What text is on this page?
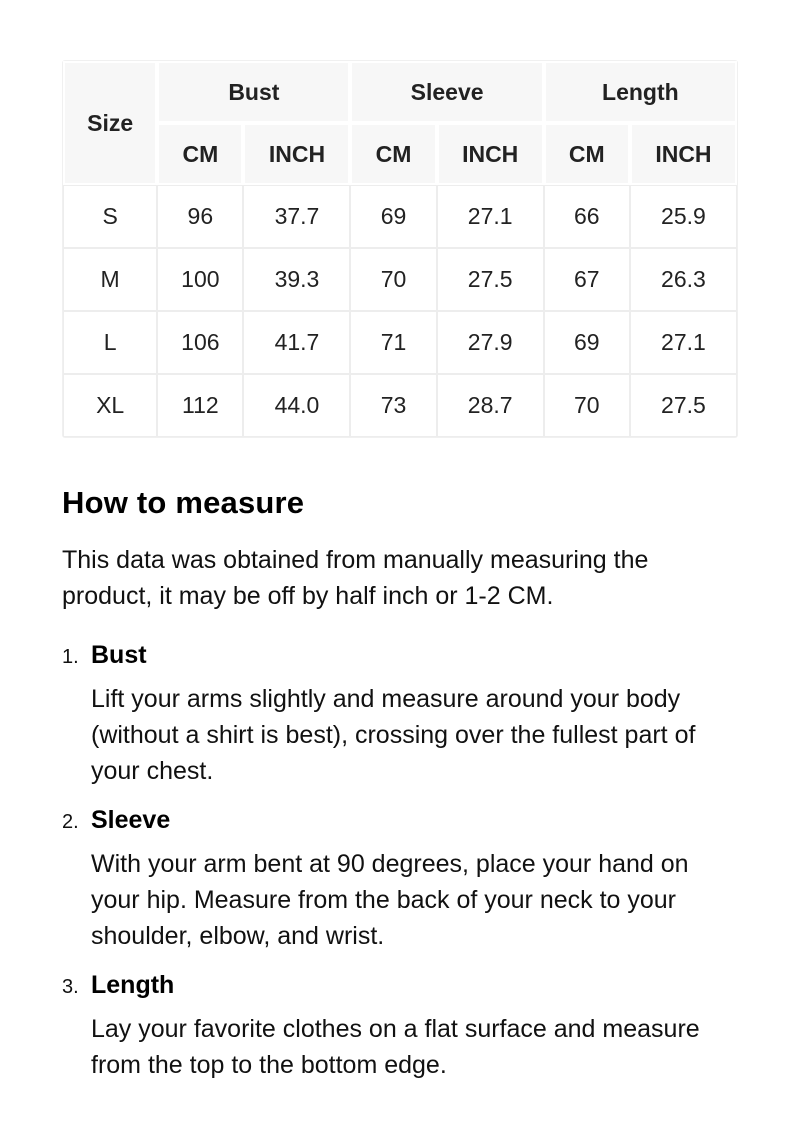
Size	Bust		Sleeve		Length	
	CM	INCH	CM	INCH	CM	INCH
S	96	37.7	69	27.1	66	25.9
M	100	39.3	70	27.5	67	26.3
L	106	41.7	71	27.9	69	27.1
XL	112	44.0	73	28.7	70	27.5
How to measure

This data was obtained from manually measuring the product, it may be off by half inch or 1-2 CM.

1. Bust
Lift your arms slightly and measure around your body (without a shirt is best), crossing over the fullest part of your chest.
2. Sleeve
With your arm bent at 90 degrees, place your hand on your hip. Measure from the back of your neck to your shoulder, elbow, and wrist.
3. Length
Lay your favorite clothes on a flat surface and measure from the top to the bottom edge.
